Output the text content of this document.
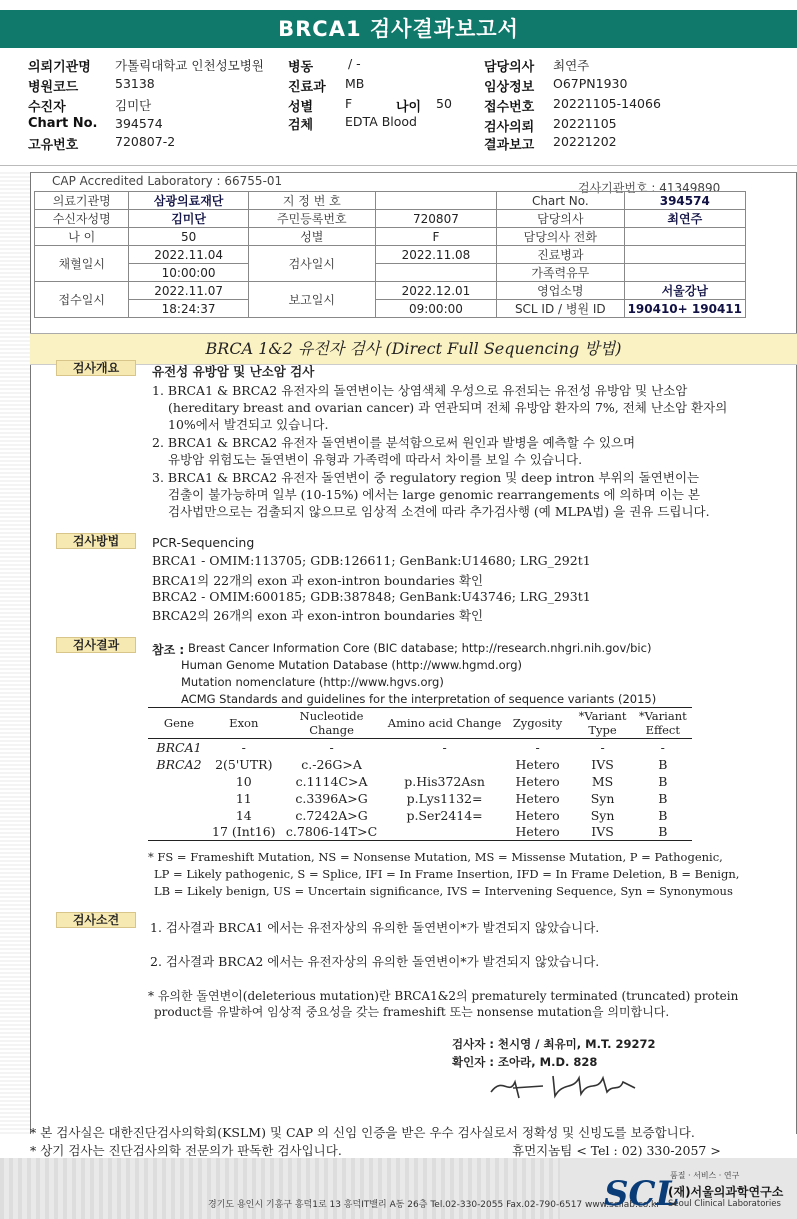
BRCA1 검사결과보고서
의뢰기관명 가톨릭대학교 인천성모병원 병동	/ -	담당의사 최연주
병원코드	53138	진료과 MB	임상정보 O67PN1930
수진자	김미단	성별	F	나이 50 접수번호 20221105-14066
Chart No. 394574	검체	EDTA Blood	검사의뢰 20221105
고유번호	720807-2	결과보고 20221202
CAP Accredited Laboratory : 66755-01	검사기관번호 : 41349890
의료기관명	삼광의료재단	지 정 번 호		Chart No.	394574
수신자성명	김미단	주민등록번호	720807	담당의사	최연주
나 이	50	성별	F	담당의사 전화	
채혈일시	2022.11.04	검사일시	2022.11.08	진료병과	
	10:00:00			가족력유무	
접수일시	2022.11.07	보고일시	2022.12.01	영업소명	서울강남
	18:24:37		09:00:00	SCL ID / 병원 ID	190410+ 190411
BRCA 1&2 유전자 검사 (Direct Full Sequencing 방법)
검사개요	유전성 유방암 및 난소암 검사
1. BRCA1 & BRCA2 유전자의 돌연변이는 상염색체 우성으로 유전되는 유전성 유방암 및 난소암
(hereditary breast and ovarian cancer) 과 연관되며 전체 유방암 환자의 7%, 전체 난소암 환자의
10%에서 발견되고 있습니다.
2. BRCA1 & BRCA2 유전자 돌연변이를 분석함으로써 원인과 발병을 예측할 수 있으며
유방암 위험도는 돌연변이 유형과 가족력에 따라서 차이를 보일 수 있습니다.
3. BRCA1 & BRCA2 유전자 돌연변이 중 regulatory region 및 deep intron 부위의 돌연변이는
검출이 불가능하며 일부 (10-15%) 에서는 large genomic rearrangements 에 의하며 이는 본
검사법만으로는 검출되지 않으므로 임상적 소견에 따라 추가검사행 (예 MLPA법) 을 권유 드립니다.
검사방법	PCR-Sequencing
BRCA1 - OMIM:113705; GDB:126611; GenBank:U14680; LRG_292t1
BRCA1의 22개의 exon 과 exon-intron boundaries 확인
BRCA2 - OMIM:600185; GDB:387848; GenBank:U43746; LRG_293t1
BRCA2의 26개의 exon 과 exon-intron boundaries 확인
검사결과	참조 : Breast Cancer Information Core (BIC database; http://research.nhgri.nih.gov/bic)
Human Genome Mutation Database (http://www.hgmd.org)
Mutation nomenclature (http://www.hgvs.org)
ACMG Standards and guidelines for the interpretation of sequence variants (2015)
Gene	Exon	Nucleotide Change	Amino acid Change	Zygosity	*Variant Type	*Variant Effect
BRCA1	-	-	-	-	-	-
BRCA2	2(5'UTR)	c.-26G>A		Hetero	IVS	B
	10	c.1114C>A	p.His372Asn	Hetero	MS	B
	11	c.3396A>G	p.Lys1132=	Hetero	Syn	B
	14	c.7242A>G	p.Ser2414=	Hetero	Syn	B
	17 (Int16)	c.7806-14T>C		Hetero	IVS	B
* FS = Frameshift Mutation, NS = Nonsense Mutation, MS = Missense Mutation, P = Pathogenic,
LP = Likely pathogenic, S = Splice, IFI = In Frame Insertion, IFD = In Frame Deletion, B = Benign,
LB = Likely benign, US = Uncertain significance, IVS = Intervening Sequence, Syn = Synonymous
검사소견	1. 검사결과 BRCA1 에서는 유전자상의 유의한 돌연변이*가 발견되지 않았습니다.
2. 검사결과 BRCA2 에서는 유전자상의 유의한 돌연변이*가 발견되지 않았습니다.
* 유의한 돌연변이(deleterious mutation)란 BRCA1&2의 prematurely terminated (truncated) protein
product를 유발하여 임상적 중요성을 갖는 frameshift 또는 nonsense mutation을 의미합니다.
검사자 : 천시영 / 최유미, M.T. 29272
확인자 : 조아라, M.D. 828
* 본 검사실은 대한진단검사의학회(KSLM) 및 CAP 의 신임 인증을 받은 우수 검사실로서 정확성 및 신빙도를 보증합니다.
* 상기 검사는 진단검사의학 전문의가 판독한 검사입니다.	휴먼지놈팀 < Tel : 02) 330-2057 >
경기도 용인시 기흥구 흥덕1로 13 흥덕IT밸리 A동 26층 Tel.02-330-2055 Fax.02-790-6517 www.scllab.co.kr
SCL
품질 · 서비스 · 연구
(재)서울의과학연구소
Seoul Clinical Laboratories
